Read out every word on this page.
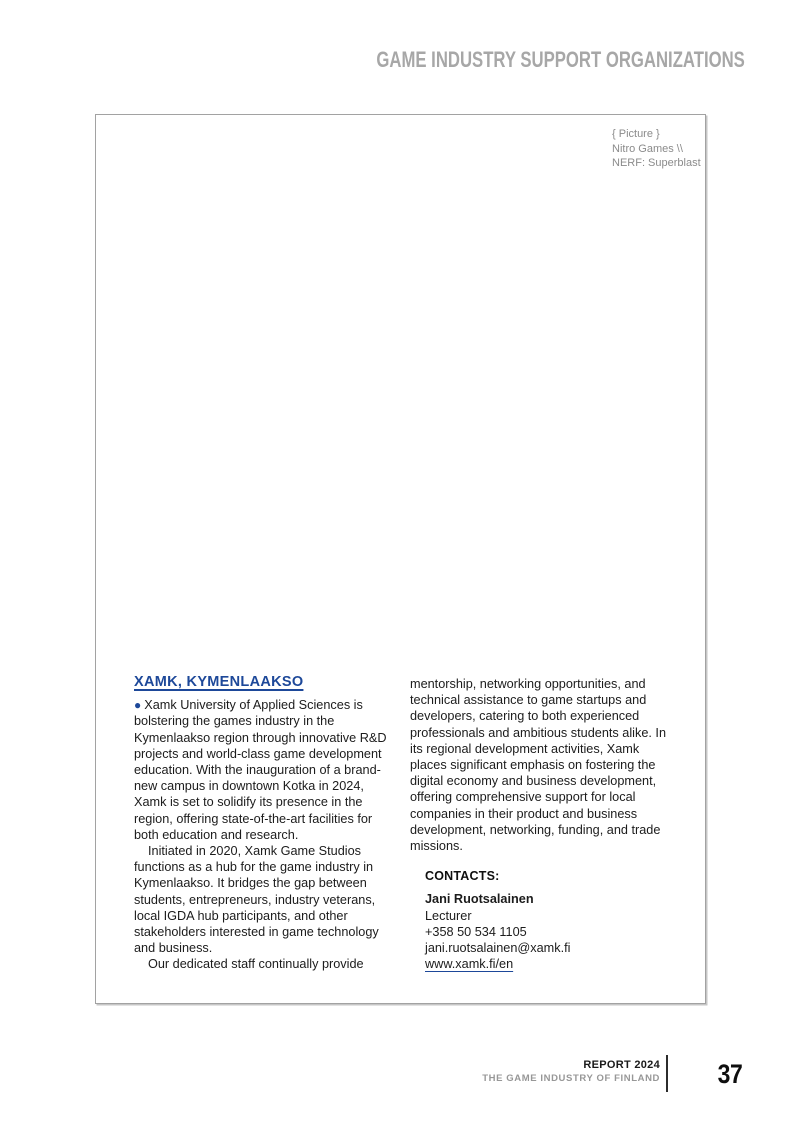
GAME INDUSTRY SUPPORT ORGANIZATIONS
{ Picture }
Nitro Games \\
NERF: Superblast
XAMK, KYMENLAAKSO
● Xamk University of Applied Sciences is bolstering the games industry in the Kymenlaakso region through innovative R&D projects and world-class game development education. With the inauguration of a brand-new campus in downtown Kotka in 2024, Xamk is set to solidify its presence in the region, offering state-of-the-art facilities for both education and research.
Initiated in 2020, Xamk Game Studios functions as a hub for the game industry in Kymenlaakso. It bridges the gap between students, entrepreneurs, industry veterans, local IGDA hub participants, and other stakeholders interested in game technology and business.
Our dedicated staff continually provide
mentorship, networking opportunities, and technical assistance to game startups and developers, catering to both experienced professionals and ambitious students alike. In its regional development activities, Xamk places significant emphasis on fostering the digital economy and business development, offering comprehensive support for local companies in their product and business development, networking, funding, and trade missions.
CONTACTS:
Jani Ruotsalainen
Lecturer
+358 50 534 1105
jani.ruotsalainen@xamk.fi
www.xamk.fi/en
REPORT 2024
THE GAME INDUSTRY OF FINLAND	37
